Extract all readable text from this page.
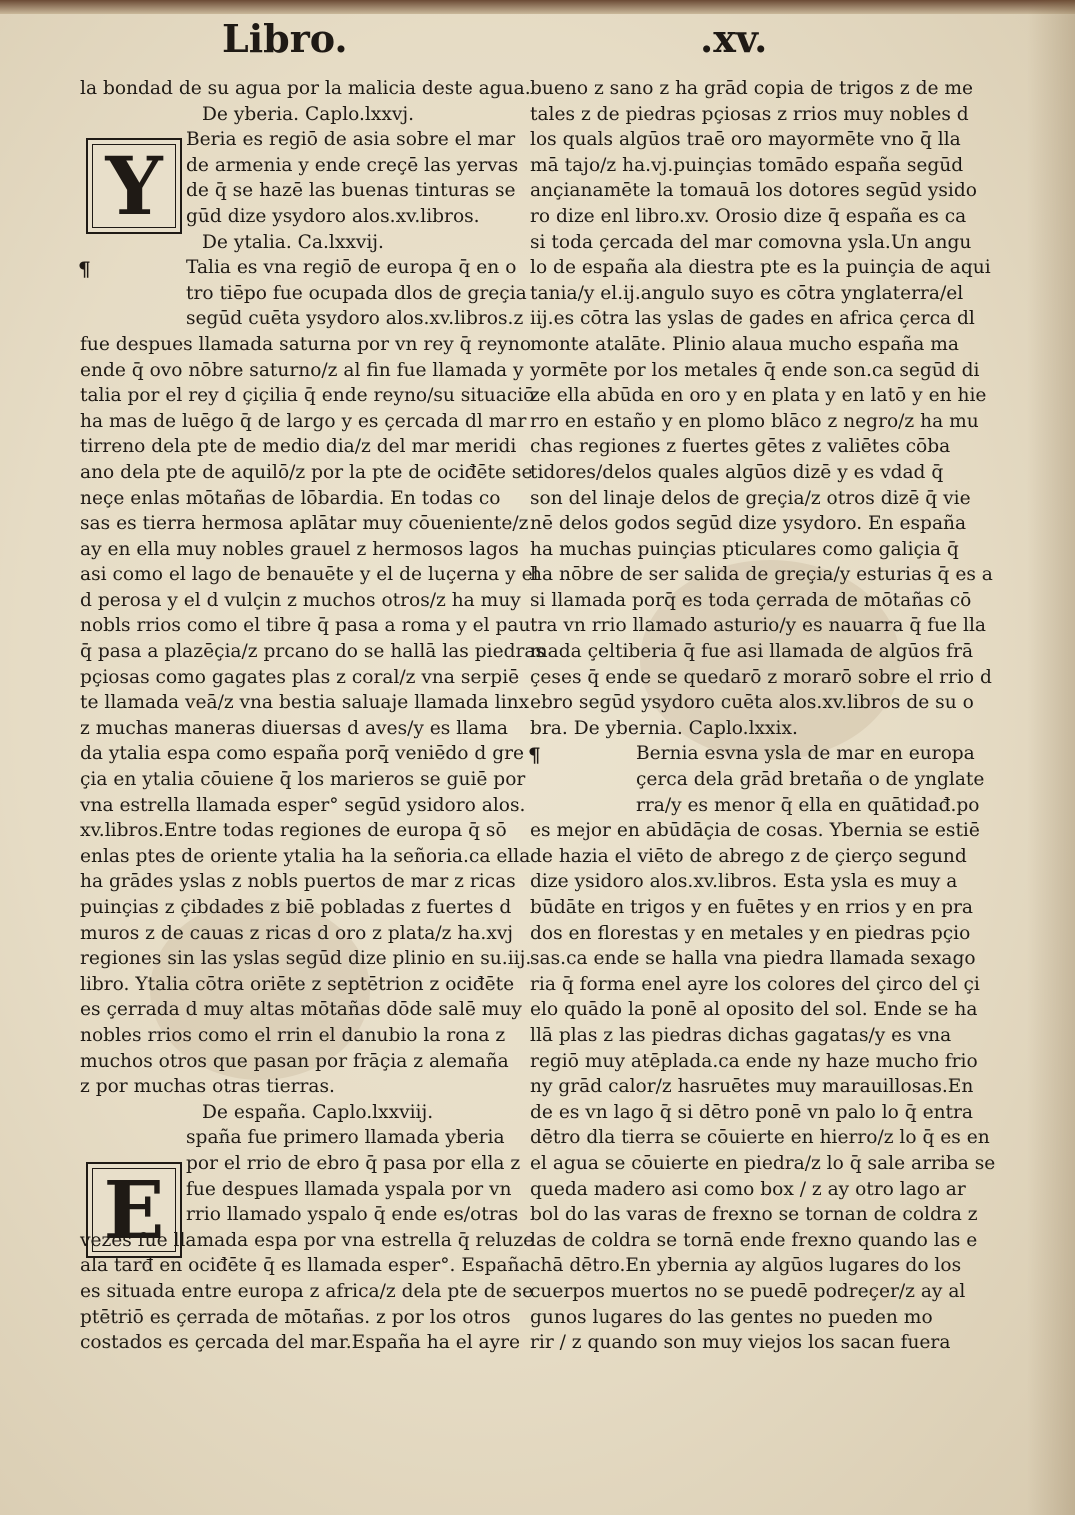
Libro.	.xv.
Y
E
la bondad de su agua por la malicia deste agua.
De yberia. Caplo.lxxvj.
Beria es regiō de asia sobre el mar
de armenia y ende creçē las yervas
de q̄ se hazē las buenas tinturas se
gūd dize ysydoro alos.xv.libros.
De ytalia. Ca.lxxvij.
¶	Talia es vna regiō de europa q̄ en o
tro tiēpo fue ocupada dlos de greçia
segūd cuēta ysydoro alos.xv.libros.z
fue despues llamada saturna por vn rey q̄ reyno
ende q̄ ovo nōbre saturno/z al fin fue llamada y
talia por el rey d çiçilia q̄ ende reyno/su situaciō
ha mas de luēgo q̄ de largo y es çercada dl mar
tirreno dela pte de medio dia/z del mar meridi
ano dela pte de aquilō/z por la pte de ociđēte se
neçe enlas mōtañas de lōbardia. En todas co
sas es tierra hermosa aplātar muy cōueniente/z
ay en ella muy nobles grauel z hermosos lagos
asi como el lago de benauēte y el de luçerna y el
d perosa y el d vulçin z muchos otros/z ha muy
nobls rrios como el tibre q̄ pasa a roma y el pau
q̄ pasa a plazēçia/z prcano do se hallā las piedras
pçiosas como gagates plas z coral/z vna serpiē
te llamada veā/z vna bestia saluaje llamada linx
z muchas maneras diuersas d aves/y es llama
da ytalia espa como españa porq̄ veniēdo d gre
çia en ytalia cōuiene q̄ los marieros se guiē por
vna estrella llamada esper° segūd ysidoro alos.
xv.libros.Entre todas regiones de europa q̄ sō
enlas ptes de oriente ytalia ha la señoria.ca ella
ha grādes yslas z nobls puertos de mar z ricas
puinçias z çibdades z biē pobladas z fuertes d
muros z de cauas z ricas d oro z plata/z ha.xvj
regiones sin las yslas segūd dize plinio en su.iij.
libro. Ytalia cōtra oriēte z septētrion z ociđēte
es çerrada d muy altas mōtañas dōde salē muy
nobles rrios como el rrin el danubio la rona z
muchos otros que pasan por frāçia z alemaña
z por muchas otras tierras.
De españa. Caplo.lxxviij.
spaña fue primero llamada yberia
por el rrio de ebro q̄ pasa por ella z
fue despues llamada yspala por vn
rrio llamado yspalo q̄ ende es/otras
vezes fue llamada espa por vna estrella q̄ reluze
ala tarđ en ociđēte q̄ es llamada esper°. España
es situada entre europa z africa/z dela pte de se
ptētriō es çerrada de mōtañas. z por los otros
costados es çercada del mar.España ha el ayre
bueno z sano z ha grād copia de trigos z de me
tales z de piedras pçiosas z rrios muy nobles d
los quals algūos traē oro mayormēte vno q̄ lla
mā tajo/z ha.vj.puinçias tomādo españa segūd
ançianamēte la tomauā los dotores segūd ysido
ro dize enl libro.xv. Orosio dize q̄ españa es ca
si toda çercada del mar comovna ysla.Un angu
lo de españa ala diestra pte es la puinçia de aqui
tania/y el.ij.angulo suyo es cōtra ynglaterra/el
iij.es cōtra las yslas de gades en africa çerca dl
monte atalāte. Plinio alaua mucho españa ma
yormēte por los metales q̄ ende son.ca segūd di
ze ella abūda en oro y en plata y en latō y en hie
rro en estaño y en plomo blāco z negro/z ha mu
chas regiones z fuertes gētes z valiētes cōba
tidores/delos quales algūos dizē y es vdad q̄
son del linaje delos de greçia/z otros dizē q̄ vie
nē delos godos segūd dize ysydoro. En españa
ha muchas puinçias pticulares como galiçia q̄
ha nōbre de ser salida de greçia/y esturias q̄ es a
si llamada porq̄ es toda çerrada de mōtañas cō
tra vn rrio llamado asturio/y es nauarra q̄ fue lla
mada çeltiberia q̄ fue asi llamada de algūos frā
çeses q̄ ende se quedarō z morarō sobre el rrio d
ebro segūd ysydoro cuēta alos.xv.libros de su o
bra. De ybernia. Caplo.lxxix.
¶	Bernia esvna ysla de mar en europa
çerca dela grād bretaña o de ynglate
rra/y es menor q̄ ella en quātidađ.po
es mejor en abūdāçia de cosas. Ybernia se estiē
de hazia el viēto de abrego z de çierço segund
dize ysidoro alos.xv.libros. Esta ysla es muy a
būdāte en trigos y en fuētes y en rrios y en pra
dos en florestas y en metales y en piedras pçio
sas.ca ende se halla vna piedra llamada sexago
ria q̄ forma enel ayre los colores del çirco del çi
elo quādo la ponē al oposito del sol. Ende se ha
llā plas z las piedras dichas gagatas/y es vna
regiō muy atēplada.ca ende ny haze mucho frio
ny grād calor/z hasruētes muy marauillosas.En
de es vn lago q̄ si dētro ponē vn palo lo q̄ entra
dētro dla tierra se cōuierte en hierro/z lo q̄ es en
el agua se cōuierte en piedra/z lo q̄ sale arriba se
queda madero asi como box / z ay otro lago ar
bol do las varas de frexno se tornan de coldra z
las de coldra se tornā ende frexno quando las e
chā dētro.En ybernia ay algūos lugares do los
cuerpos muertos no se puedē podreçer/z ay al
gunos lugares do las gentes no pueden mo
rir / z quando son muy viejos los sacan fuera
